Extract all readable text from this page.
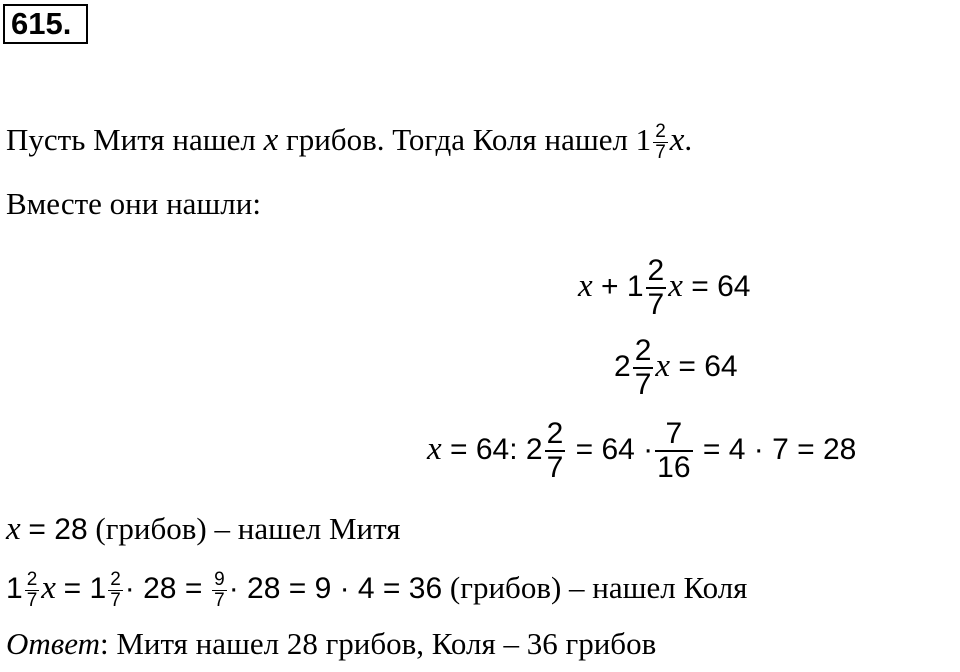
615.
Пусть Митя нашел x грибов. Тогда Коля нашел $1 \frac{2}{7} x$.
Вместе они нашли:
$x + 1 \frac{2}{7}$ x = 64
$2 \frac{2}{7}$ x = 64
x = 64: $2 \frac{2}{7} = 64 \cdot \frac{7}{16} = 4 \cdot 7 = 28$
x = 28 (грибов) – нашел Митя
$1 \frac{2}{7}$ $x = 1 \frac{2}{7} \cdot 28 = \frac{9}{7} \cdot 28 = 9 \cdot 4 = 36$ (грибов) – нашел Коля
Ответ: Митя нашел 28 грибов, Коля – 36 грибов
